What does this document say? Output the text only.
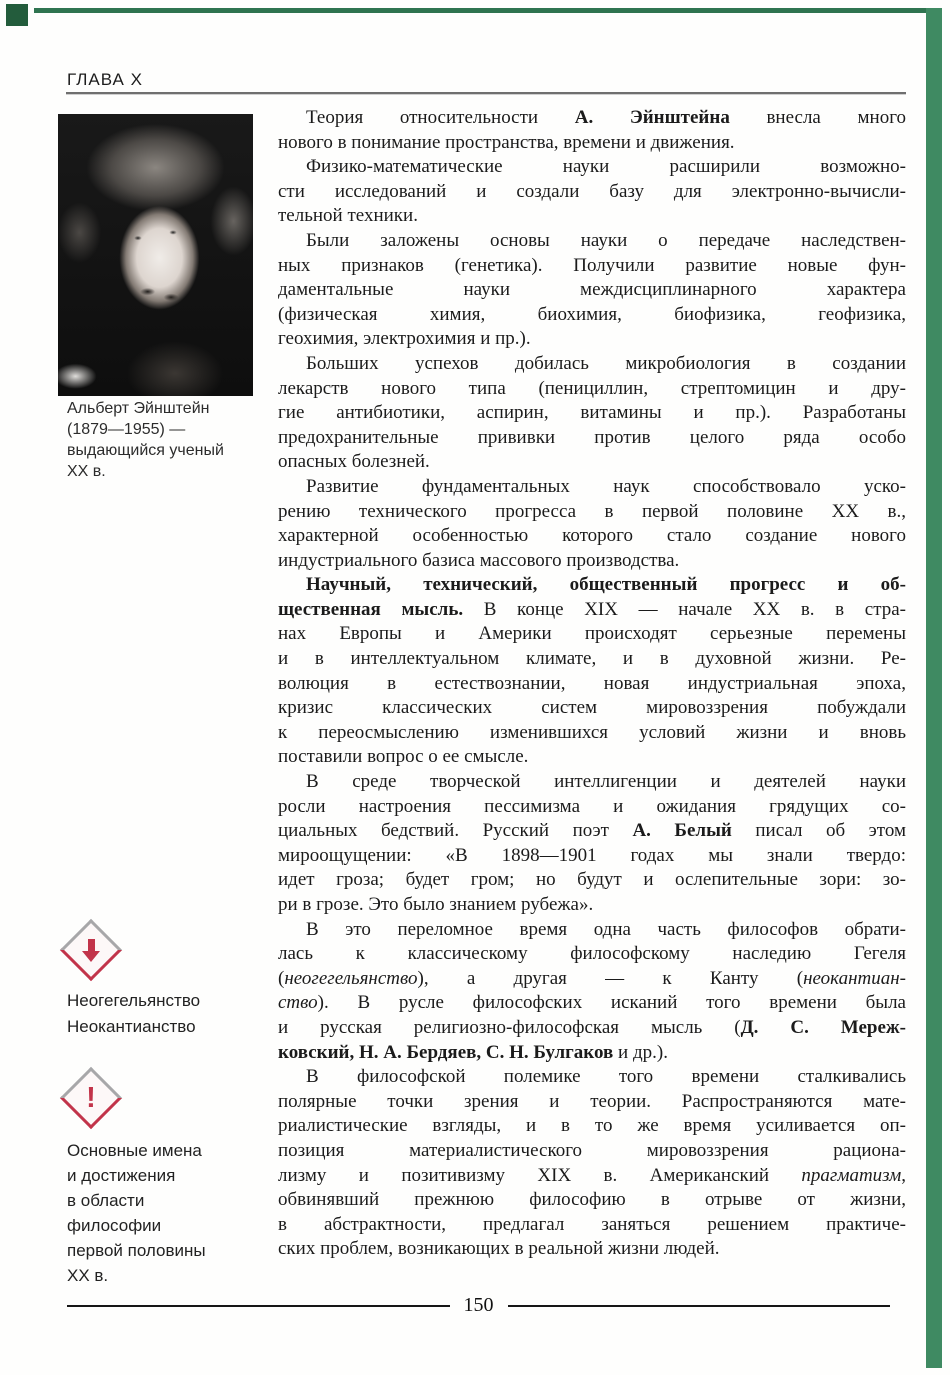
ГЛАВА X
Альберт Эйнштейн
(1879—1955) —
выдающийся ученый
XX в.
Неогегельянство
Неокантианство
!
Основные имена
и достижения
в области
философии
первой половины
XX в.
Теория относительности А. Эйнштейна внесла много
нового в понимание пространства, времени и движения.
Физико-математические науки расширили возможно-
сти исследований и создали базу для электронно-вычисли-
тельной техники.
Были заложены основы науки о передаче наследствен-
ных признаков (генетика). Получили развитие новые фун-
даментальные науки междисциплинарного характера
(физическая химия, биохимия, биофизика, геофизика,
геохимия, электрохимия и пр.).
Больших успехов добилась микробиология в создании
лекарств нового типа (пенициллин, стрептомицин и дру-
гие антибиотики, аспирин, витамины и пр.). Разработаны
предохранительные прививки против целого ряда особо
опасных болезней.
Развитие фундаментальных наук способствовало уско-
рению технического прогресса в первой половине XX в.,
характерной особенностью которого стало создание нового
индустриального базиса массового производства.
Научный, технический, общественный прогресс и об-
щественная мысль. В конце XIX — начале XX в. в стра-
нах Европы и Америки происходят серьезные перемены
и в интеллектуальном климате, и в духовной жизни. Ре-
волюция в естествознании, новая индустриальная эпоха,
кризис классических систем мировоззрения побуждали
к переосмыслению изменившихся условий жизни и вновь
поставили вопрос о ее смысле.
В среде творческой интеллигенции и деятелей науки
росли настроения пессимизма и ожидания грядущих со-
циальных бедствий. Русский поэт А. Белый писал об этом
мироощущении: «В 1898—1901 годах мы знали твердо:
идет гроза; будет гром; но будут и ослепительные зори: зо-
ри в грозе. Это было знанием рубежа».
В это переломное время одна часть философов обрати-
лась к классическому философскому наследию Гегеля
(неогегельянство), а другая — к Канту (неокантиан-
ство). В русле философских исканий того времени была
и русская религиозно-философская мысль (Д. С. Мереж-
ковский, Н. А. Бердяев, С. Н. Булгаков и др.).
В философской полемике того времени сталкивались
полярные точки зрения и теории. Распространяются мате-
риалистические взгляды, и в то же время усиливается оп-
позиция материалистического мировоззрения рациона-
лизму и позитивизму XIX в. Американский прагматизм,
обвинявший прежнюю философию в отрыве от жизни,
в абстрактности, предлагал заняться решением практиче-
ских проблем, возникающих в реальной жизни людей.
150
